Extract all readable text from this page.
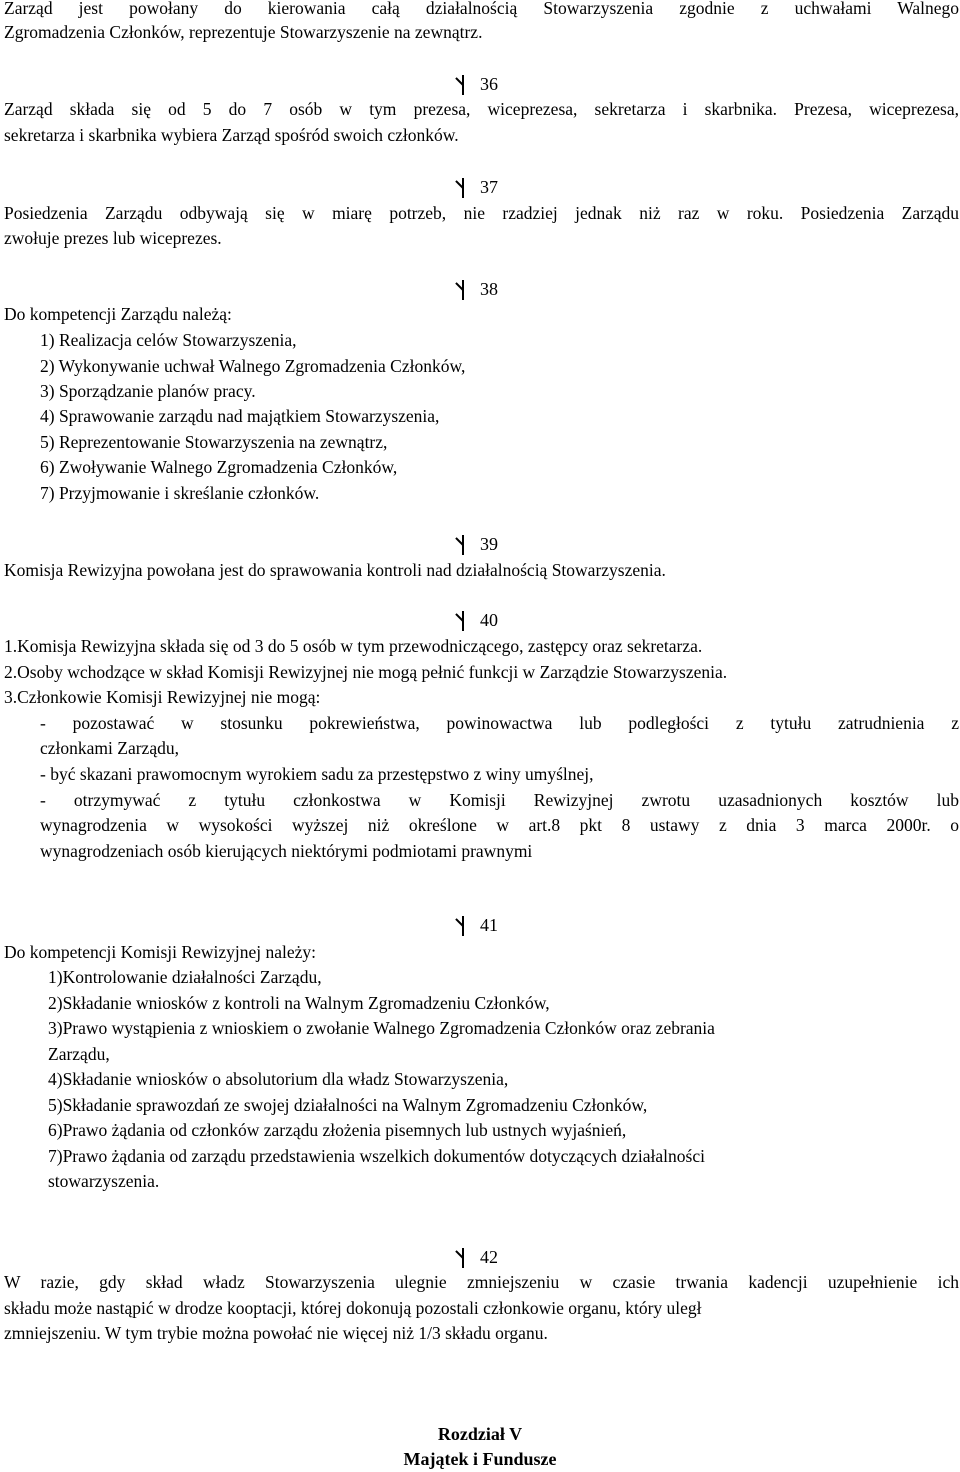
Zarząd jest powołany do kierowania całą działalnością Stowarzyszenia zgodnie z uchwałami Walnego
Zgromadzenia Członków, reprezentuje Stowarzyszenie na zewnątrz.
36
Zarząd składa się od 5 do 7 osób w tym prezesa, wiceprezesa, sekretarza i skarbnika. Prezesa, wiceprezesa,
sekretarza i skarbnika wybiera Zarząd spośród swoich członków.
37
Posiedzenia Zarządu odbywają się w miarę potrzeb, nie rzadziej jednak niż raz w roku. Posiedzenia Zarządu
zwołuje prezes lub wiceprezes.
38
Do kompetencji Zarządu należą:
1) Realizacja celów Stowarzyszenia,
2) Wykonywanie uchwał Walnego Zgromadzenia Członków,
3) Sporządzanie planów pracy.
4) Sprawowanie zarządu nad majątkiem Stowarzyszenia,
5) Reprezentowanie Stowarzyszenia na zewnątrz,
6) Zwoływanie Walnego Zgromadzenia Członków,
7) Przyjmowanie i skreślanie członków.
39
Komisja Rewizyjna powołana jest do sprawowania kontroli nad działalnością Stowarzyszenia.
40
1.Komisja Rewizyjna składa się od 3 do 5 osób w tym przewodniczącego, zastępcy oraz sekretarza.
2.Osoby wchodzące w skład Komisji Rewizyjnej nie mogą pełnić funkcji w Zarządzie Stowarzyszenia.
3.Członkowie Komisji Rewizyjnej nie mogą:
- pozostawać w stosunku pokrewieństwa, powinowactwa lub podległości z tytułu zatrudnienia z
członkami Zarządu,
- być skazani prawomocnym wyrokiem sadu za przestępstwo z winy umyślnej,
- otrzymywać z tytułu członkostwa w Komisji Rewizyjnej zwrotu uzasadnionych kosztów lub
wynagrodzenia w wysokości wyższej niż określone w art.8 pkt 8 ustawy z dnia 3 marca 2000r. o
wynagrodzeniach osób kierujących niektórymi podmiotami prawnymi
41
Do kompetencji Komisji Rewizyjnej należy:
1)Kontrolowanie działalności Zarządu,
2)Składanie wniosków z kontroli na Walnym Zgromadzeniu Członków,
3)Prawo wystąpienia z wnioskiem o zwołanie Walnego Zgromadzenia Członków oraz zebrania
Zarządu,
4)Składanie wniosków o absolutorium dla władz Stowarzyszenia,
5)Składanie sprawozdań ze swojej działalności na Walnym Zgromadzeniu Członków,
6)Prawo żądania od członków zarządu złożenia pisemnych lub ustnych wyjaśnień,
7)Prawo żądania od zarządu przedstawienia wszelkich dokumentów dotyczących działalności
stowarzyszenia.
42
W razie, gdy skład władz Stowarzyszenia ulegnie zmniejszeniu w czasie trwania kadencji uzupełnienie ich
składu może nastąpić w drodze kooptacji, której dokonują pozostali członkowie organu, który uległ
zmniejszeniu. W tym trybie można powołać nie więcej niż 1/3 składu organu.
Rozdział V
Majątek i Fundusze
